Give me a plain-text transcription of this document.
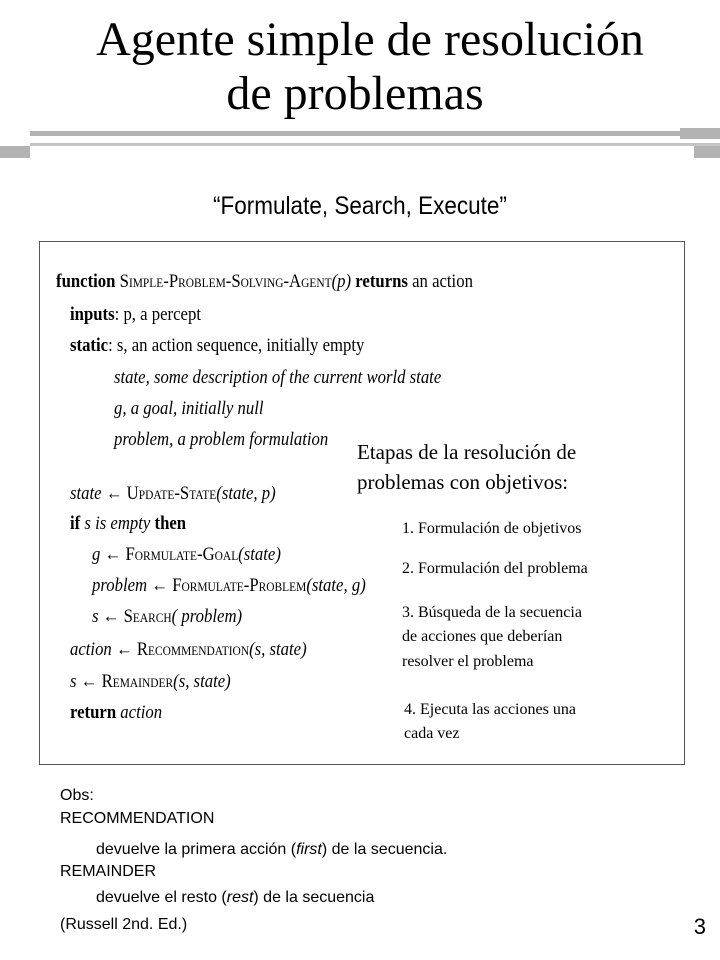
Agente simple de resolución
de problemas
“Formulate, Search, Execute”
function Simple-Problem-Solving-Agent(p) returns an action
inputs: p, a percept
static: s, an action sequence, initially empty
state, some description of the current world state
g, a goal, initially null
problem, a problem formulation
state ← Update-State(state, p)
if s is empty then
g ← Formulate-Goal(state)
problem ← Formulate-Problem(state, g)
s ← Search( problem)
action ← Recommendation(s, state)
s ← Remainder(s, state)
return action
Etapas de la resolución de
problemas con objetivos:
1. Formulación de objetivos
2. Formulación del problema
3. Búsqueda de la secuencia
de acciones que deberían
resolver el problema
4. Ejecuta las acciones una
cada vez
Obs:
RECOMMENDATION
devuelve la primera acción (first) de la secuencia.
REMAINDER
devuelve el resto (rest) de la secuencia
(Russell 2nd. Ed.)	3
